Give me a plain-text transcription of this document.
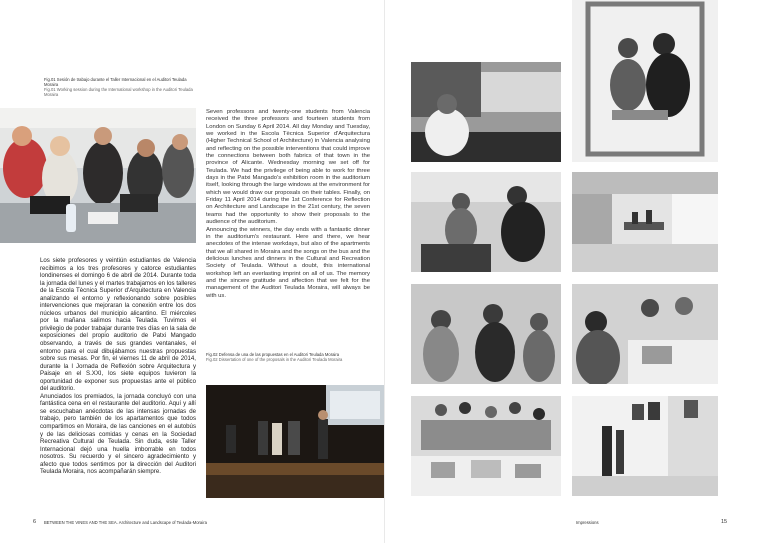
Fig.01 Sesión de trabajo durante el Taller Internacional en el Auditori Teulada Moraira
Fig.01 Working session during the International workshop in the Auditori Teulada Moraira
Los siete profesores y veintiún estudiantes de Valencia recibimos a los tres profesores y catorce estudiantes londinenses el domingo 6 de abril de 2014. Durante toda la jornada del lunes y el martes trabajamos en los talleres de la Escola Tècnica Superior d'Arquitectura en Valencia analizando el entorno y reflexionando sobre posibles intervenciones que mejoraran la conexión entre los dos núcleos urbanos del municipio alicantino. El miércoles por la mañana salimos hacia Teulada. Tuvimos el privilegio de poder trabajar durante tres días en la sala de exposiciones del propio auditorio de Patxi Mangado observando, a través de sus grandes ventanales, el entorno para el cual dibujábamos nuestras propuestas sobre sus mesas. Por fin, el viernes 11 de abril de 2014, durante la I Jornada de Reflexión sobre Arquitectura y Paisaje en el S.XXI, los siete equipos tuvieron la oportunidad de exponer sus propuestas ante el público del auditorio.
Anunciados los premiados, la jornada concluyó con una fantástica cena en el restaurante del auditorio. Aquí y allí se escuchaban anécdotas de las intensas jornadas de trabajo, pero también de los apartamentos que todos compartimos en Moraira, de las canciones en el autobús y de las deliciosas comidas y cenas en la Sociedad Recreativa Cultural de Teulada. Sin duda, este Taller Internacional dejó una huella imborrable en todos nosotros. Su recuerdo y el sincero agradecimiento y afecto que todos sentimos por la dirección del Auditori Teulada Moraira, nos acompañarán siempre.
Seven professors and twenty-one students from Valencia received the three professors and fourteen students from London on Sunday 6 April 2014. All day Monday and Tuesday, we worked in the Escola Tècnica Superior d'Arquitectura (Higher Technical School of Architecture) in Valencia analysing and reflecting on the possible interventions that could improve the connections between both fabrics of that town in the province of Alicante. Wednesday morning we set off for Teulada. We had the privilege of being able to work for three days in the Patxi Mangado's exhibition room in the auditorium itself, looking through the large windows at the environment for which we would draw our proposals on their tables. Finally, on Friday 11 April 2014 during the 1st Conference for Reflection on Architecture and Landscape in the 21st century, the seven teams had the opportunity to show their proposals to the audience of the auditorium.
Announcing the winners, the day ends with a fantastic dinner in the auditorium's restaurant. Here and there, we hear anecdotes of the intense workdays, but also of the apartments that we all shared in Moraira and the songs on the bus and the delicious lunches and dinners in the Cultural and Recreation Society of Teulada. Without a doubt, this international workshop left an everlasting imprint on all of us. The memory and the sincere gratitude and affection that we felt for the management of the Auditori Teulada Moraira, will always be with us.
Fig.02 Defensa de una de las propuestas en el Auditori Teulada Moraira
Fig.02 Dissertation of one of the proposals in the Auditori Teulada Moraira
6 BETWEEN THE VINES AND THE SEA. Architecture and Landscape of Teulada-Moraira	Impressions	15
